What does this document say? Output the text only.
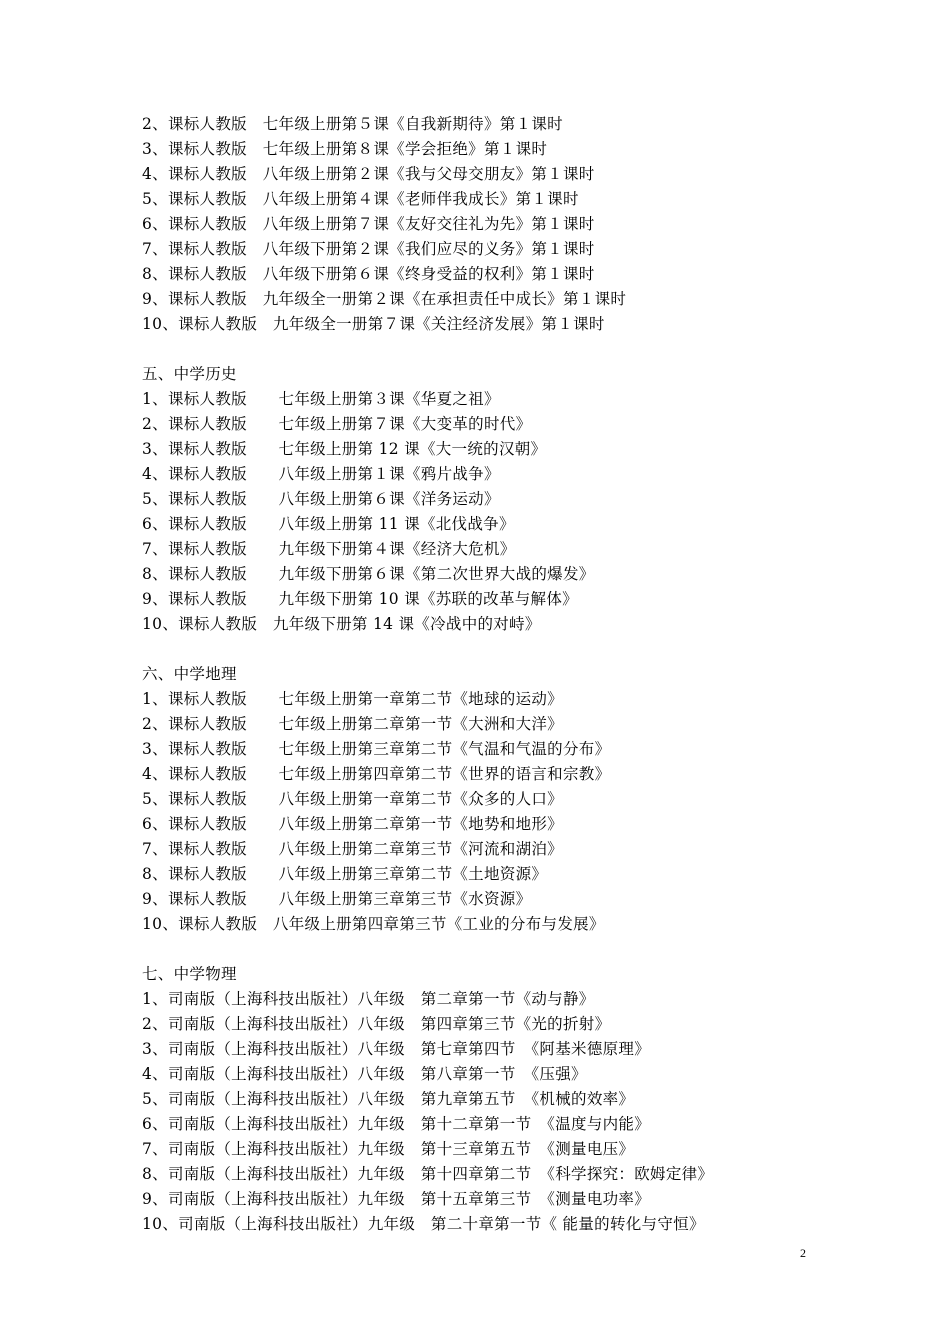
2、课标人教版　七年级上册第５课《自我新期待》第１课时
3、课标人教版　七年级上册第８课《学会拒绝》第１课时
4、课标人教版　八年级上册第２课《我与父母交朋友》第１课时
5、课标人教版　八年级上册第４课《老师伴我成长》第１课时
6、课标人教版　八年级上册第７课《友好交往礼为先》第１课时
7、课标人教版　八年级下册第２课《我们应尽的义务》第１课时
8、课标人教版　八年级下册第６课《终身受益的权利》第１课时
9、课标人教版　九年级全一册第２课《在承担责任中成长》第１课时
10、课标人教版　九年级全一册第７课《关注经济发展》第１课时
五、中学历史
1、课标人教版　　七年级上册第３课《华夏之祖》
2、课标人教版　　七年级上册第７课《大变革的时代》
3、课标人教版　　七年级上册第 12 课《大一统的汉朝》
4、课标人教版　　八年级上册第１课《鸦片战争》
5、课标人教版　　八年级上册第６课《洋务运动》
6、课标人教版　　八年级上册第 11 课《北伐战争》
7、课标人教版　　九年级下册第４课《经济大危机》
8、课标人教版　　九年级下册第６课《第二次世界大战的爆发》
9、课标人教版　　九年级下册第 10 课《苏联的改革与解体》
10、课标人教版　九年级下册第 14 课《冷战中的对峙》
六、中学地理
1、课标人教版　　七年级上册第一章第二节《地球的运动》
2、课标人教版　　七年级上册第二章第一节《大洲和大洋》
3、课标人教版　　七年级上册第三章第二节《气温和气温的分布》
4、课标人教版　　七年级上册第四章第二节《世界的语言和宗教》
5、课标人教版　　八年级上册第一章第二节《众多的人口》
6、课标人教版　　八年级上册第二章第一节《地势和地形》
7、课标人教版　　八年级上册第二章第三节《河流和湖泊》
8、课标人教版　　八年级上册第三章第二节《土地资源》
9、课标人教版　　八年级上册第三章第三节《水资源》
10、课标人教版　八年级上册第四章第三节《工业的分布与发展》
七、中学物理
1、司南版（上海科技出版社）八年级　第二章第一节《动与静》
2、司南版（上海科技出版社）八年级　第四章第三节《光的折射》
3、司南版（上海科技出版社）八年级　第七章第四节　《阿基米德原理》
4、司南版（上海科技出版社）八年级　第八章第一节　《压强》
5、司南版（上海科技出版社）八年级　第九章第五节　《机械的效率》
6、司南版（上海科技出版社）九年级　第十二章第一节　《温度与内能》
7、司南版（上海科技出版社）九年级　第十三章第五节　《测量电压》
8、司南版（上海科技出版社）九年级　第十四章第二节　《科学探究：欧姆定律》
9、司南版（上海科技出版社）九年级　第十五章第三节　《测量电功率》
10、司南版（上海科技出版社）九年级　第二十章第一节《 能量的转化与守恒》
2
